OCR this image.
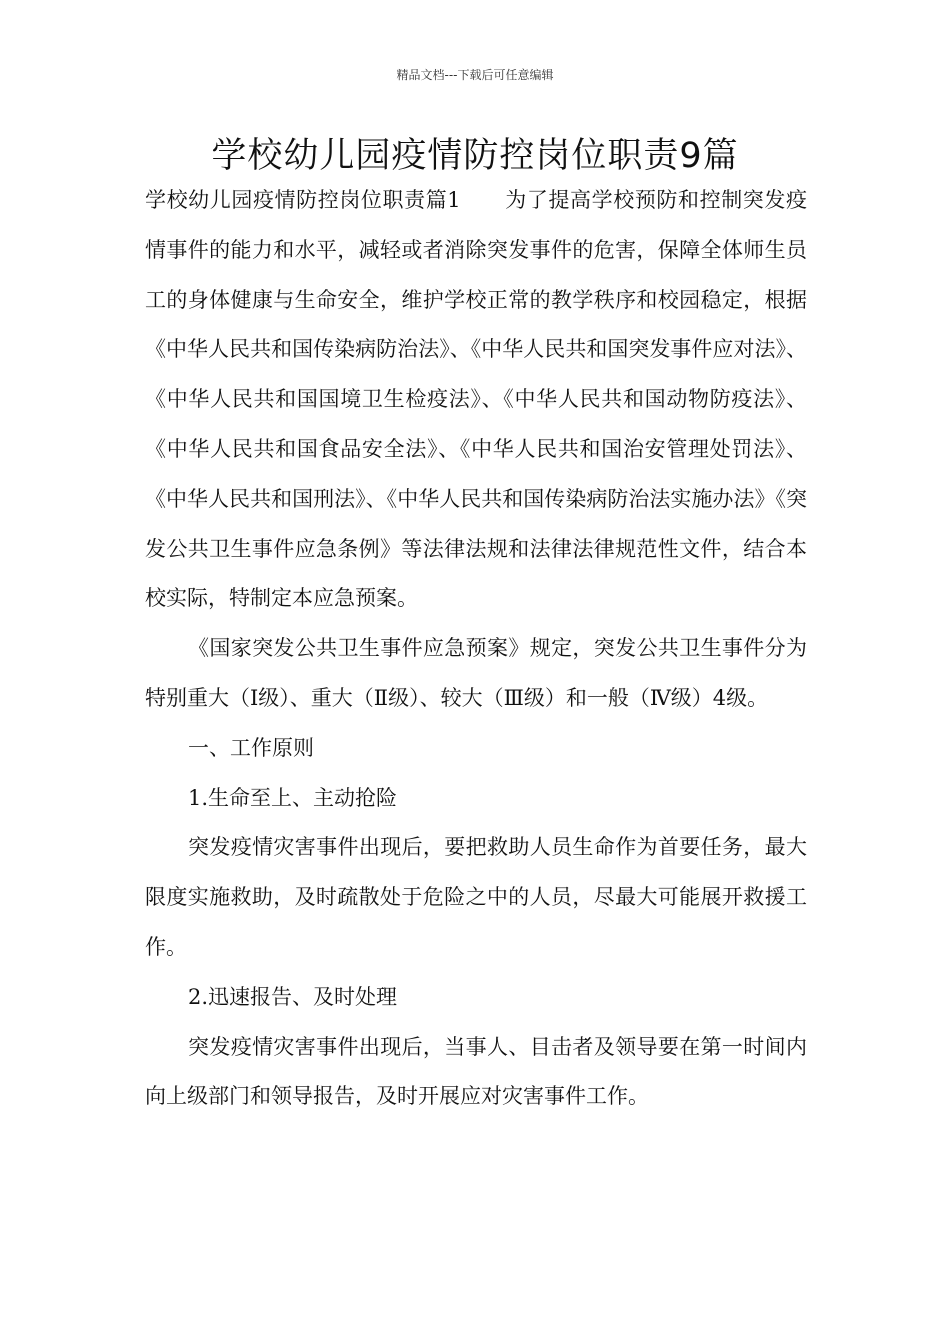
精品文档---下载后可任意编辑
学校幼儿园疫情防控岗位职责9篇

学校幼儿园疫情防控岗位职责篇1 为了提高学校预防和控制突发疫情事件的能力和水平，减轻或者消除突发事件的危害，保障全体师生员工的身体健康与生命安全，维护学校正常的教学秩序和校园稳定，根据《中华人民共和国传染病防治法》、《中华人民共和国突发事件应对法》、《中华人民共和国国境卫生检疫法》、《中华人民共和国动物防疫法》、《中华人民共和国食品安全法》、《中华人民共和国治安管理处罚法》、《中华人民共和国刑法》、《中华人民共和国传染病防治法实施办法》《突发公共卫生事件应急条例》等法律法规和法律法律规范性文件，结合本校实际，特制定本应急预案。

《国家突发公共卫生事件应急预案》规定，突发公共卫生事件分为特别重大（Ⅰ级）、重大（Ⅱ级）、较大（Ⅲ级）和一般（Ⅳ级）4级。

一、工作原则

1.生命至上、主动抢险

突发疫情灾害事件出现后，要把救助人员生命作为首要任务，最大限度实施救助，及时疏散处于危险之中的人员，尽最大可能展开救援工作。

2.迅速报告、及时处理

突发疫情灾害事件出现后，当事人、目击者及领导要在第一时间内向上级部门和领导报告，及时开展应对灾害事件工作。
